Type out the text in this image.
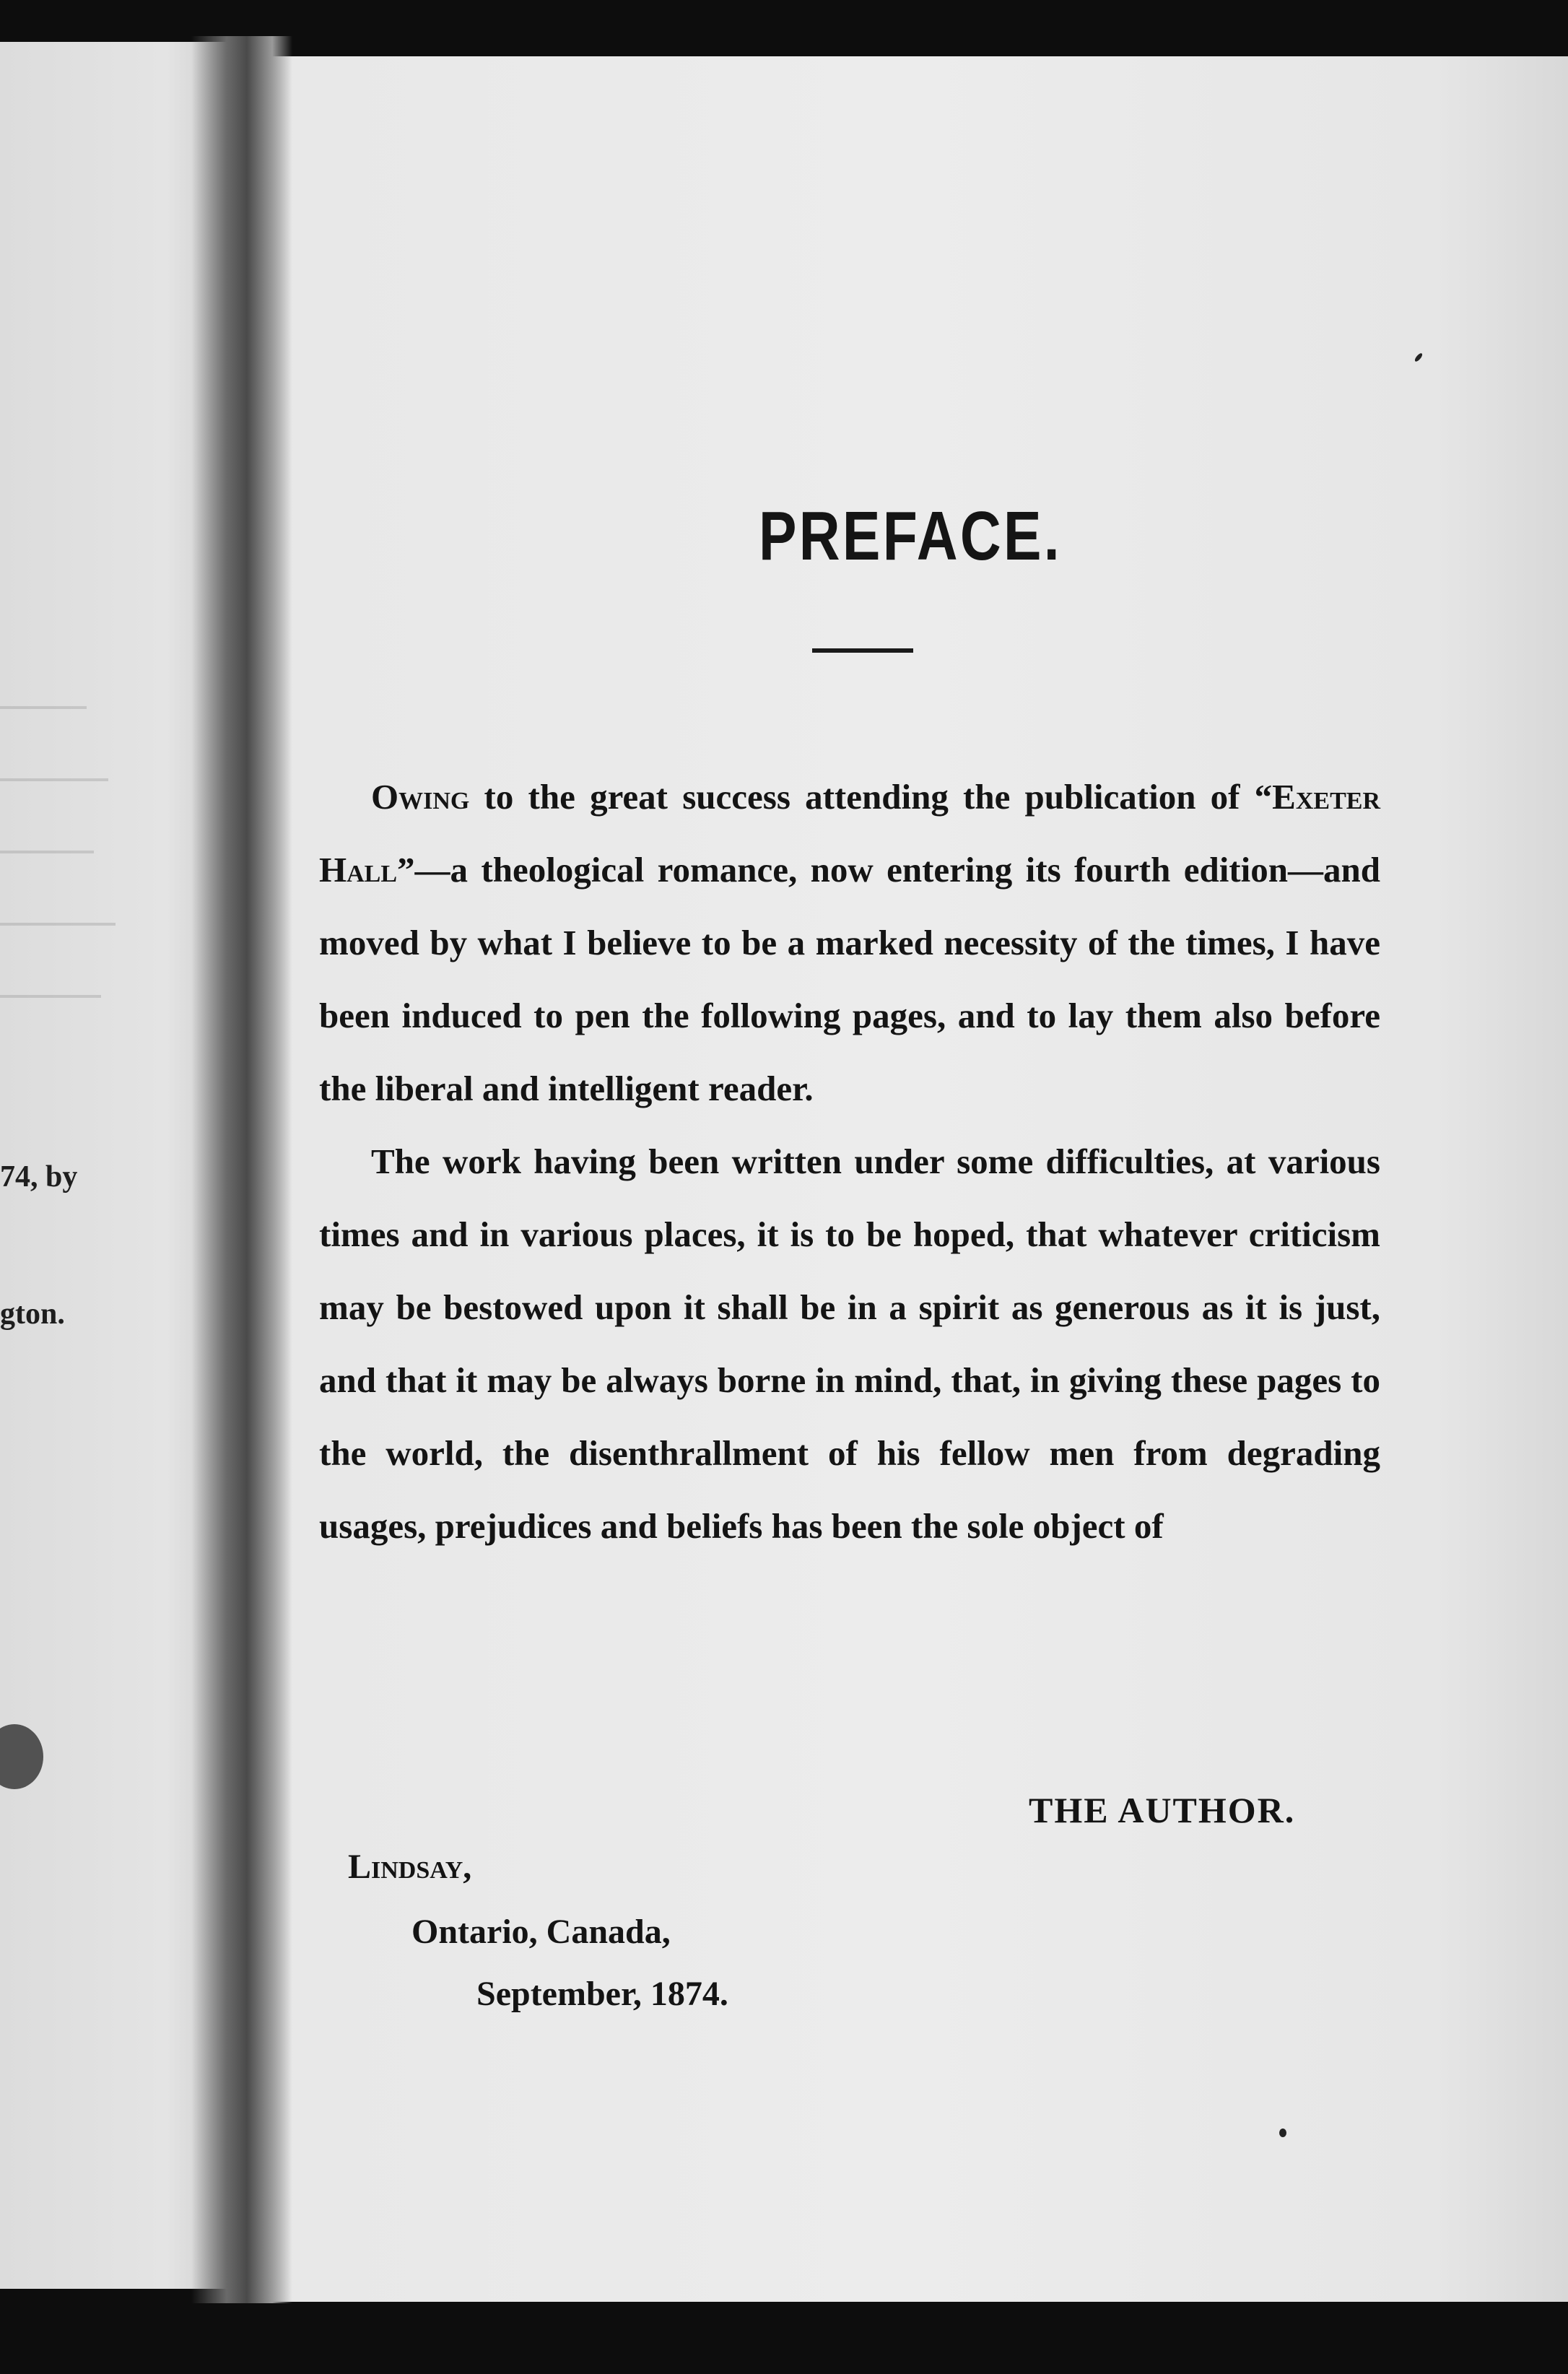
74, by
gton.
PREFACE.

Owing to the great success attending the publication of “Exeter Hall”—a theological romance, now entering its fourth edition—and moved by what I believe to be a marked necessity of the times, I have been induced to pen the following pages, and to lay them also before the liberal and intelligent reader.

The work having been written under some difficulties, at various times and in various places, it is to be hoped, that whatever criticism may be bestowed upon it shall be in a spirit as generous as it is just, and that it may be always borne in mind, that, in giving these pages to the world, the disenthrallment of his fellow men from degrading usages, prejudices and beliefs has been the sole object of

THE AUTHOR.
Lindsay,
Ontario, Canada,
September, 1874.
